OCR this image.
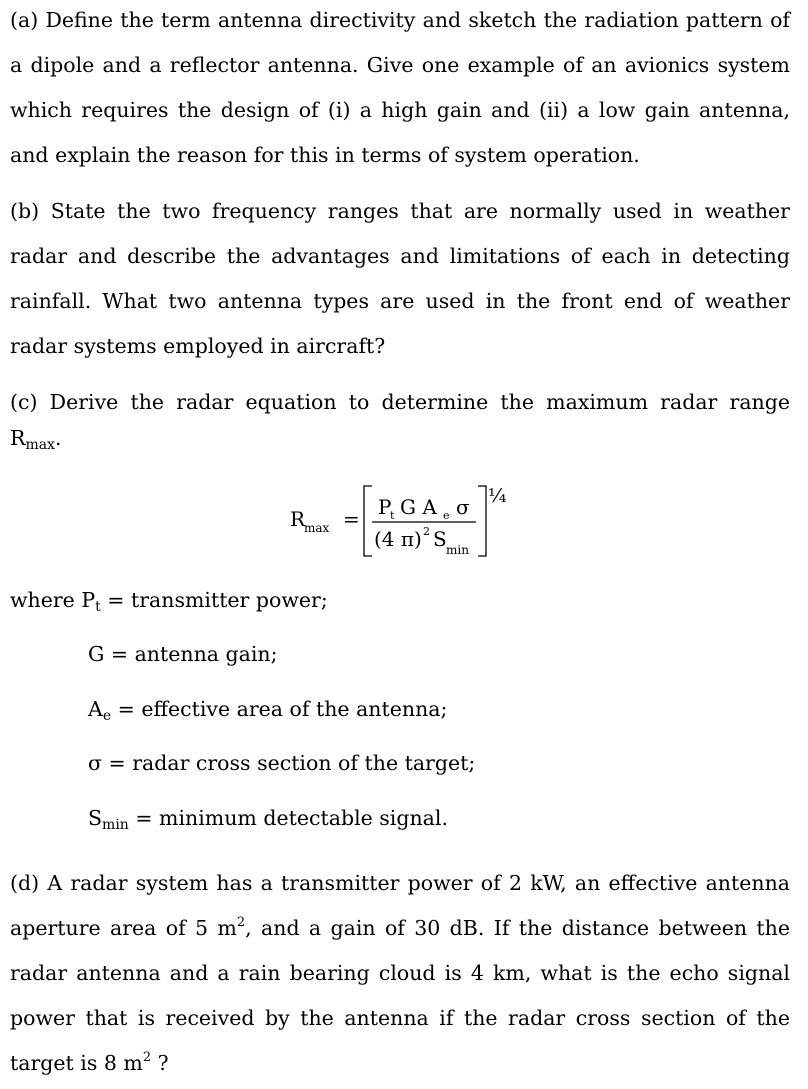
(a) Define the term antenna directivity and sketch the radiation pattern of
a dipole and a reflector antenna. Give one example of an avionics system
which requires the design of (i) a high gain and (ii) a low gain antenna,
and explain the reason for this in terms of system operation.
(b) State the two frequency ranges that are normally used in weather
radar and describe the advantages and limitations of each in detecting
rainfall. What two antenna types are used in the front end of weather
radar systems employed in aircraft?
(c) Derive the radar equation to determine the maximum radar range
$R_{max}$.
R
max = P
t G A e σ
(4 π) 2 S min
¼
where $P_t$ = transmitter power;
G = antenna gain;
$A_e$ = effective area of the antenna;
σ = radar cross section of the target;
$S_{min}$ = minimum detectable signal.
(d) A radar system has a transmitter power of 2 kW, an effective antenna
aperture area of 5 $m^2$, and a gain of 30 dB. If the distance between the
radar antenna and a rain bearing cloud is 4 km, what is the echo signal
power that is received by the antenna if the radar cross section of the
target is 8 $m^2$ ?
